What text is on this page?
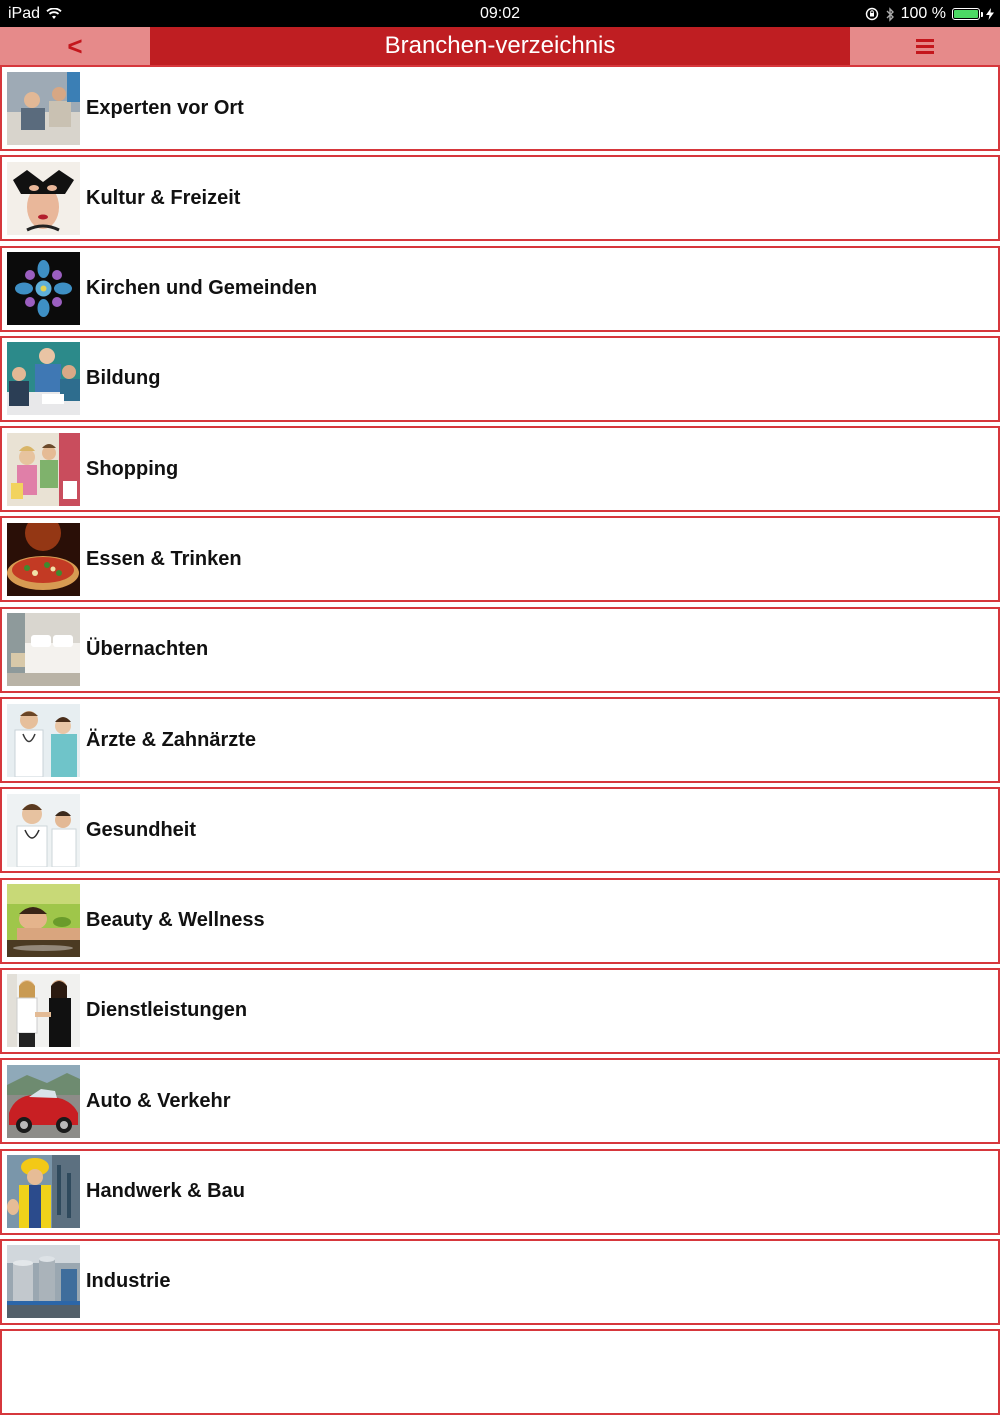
iPad	09:02	100 %
<	Branchen-verzeichnis
Experten vor Ort
Kultur & Freizeit
Kirchen und Gemeinden
Bildung
Shopping
Essen & Trinken
Übernachten
Ärzte & Zahnärzte
Gesundheit
Beauty & Wellness
Dienstleistungen
Auto & Verkehr
Handwerk & Bau
Industrie
